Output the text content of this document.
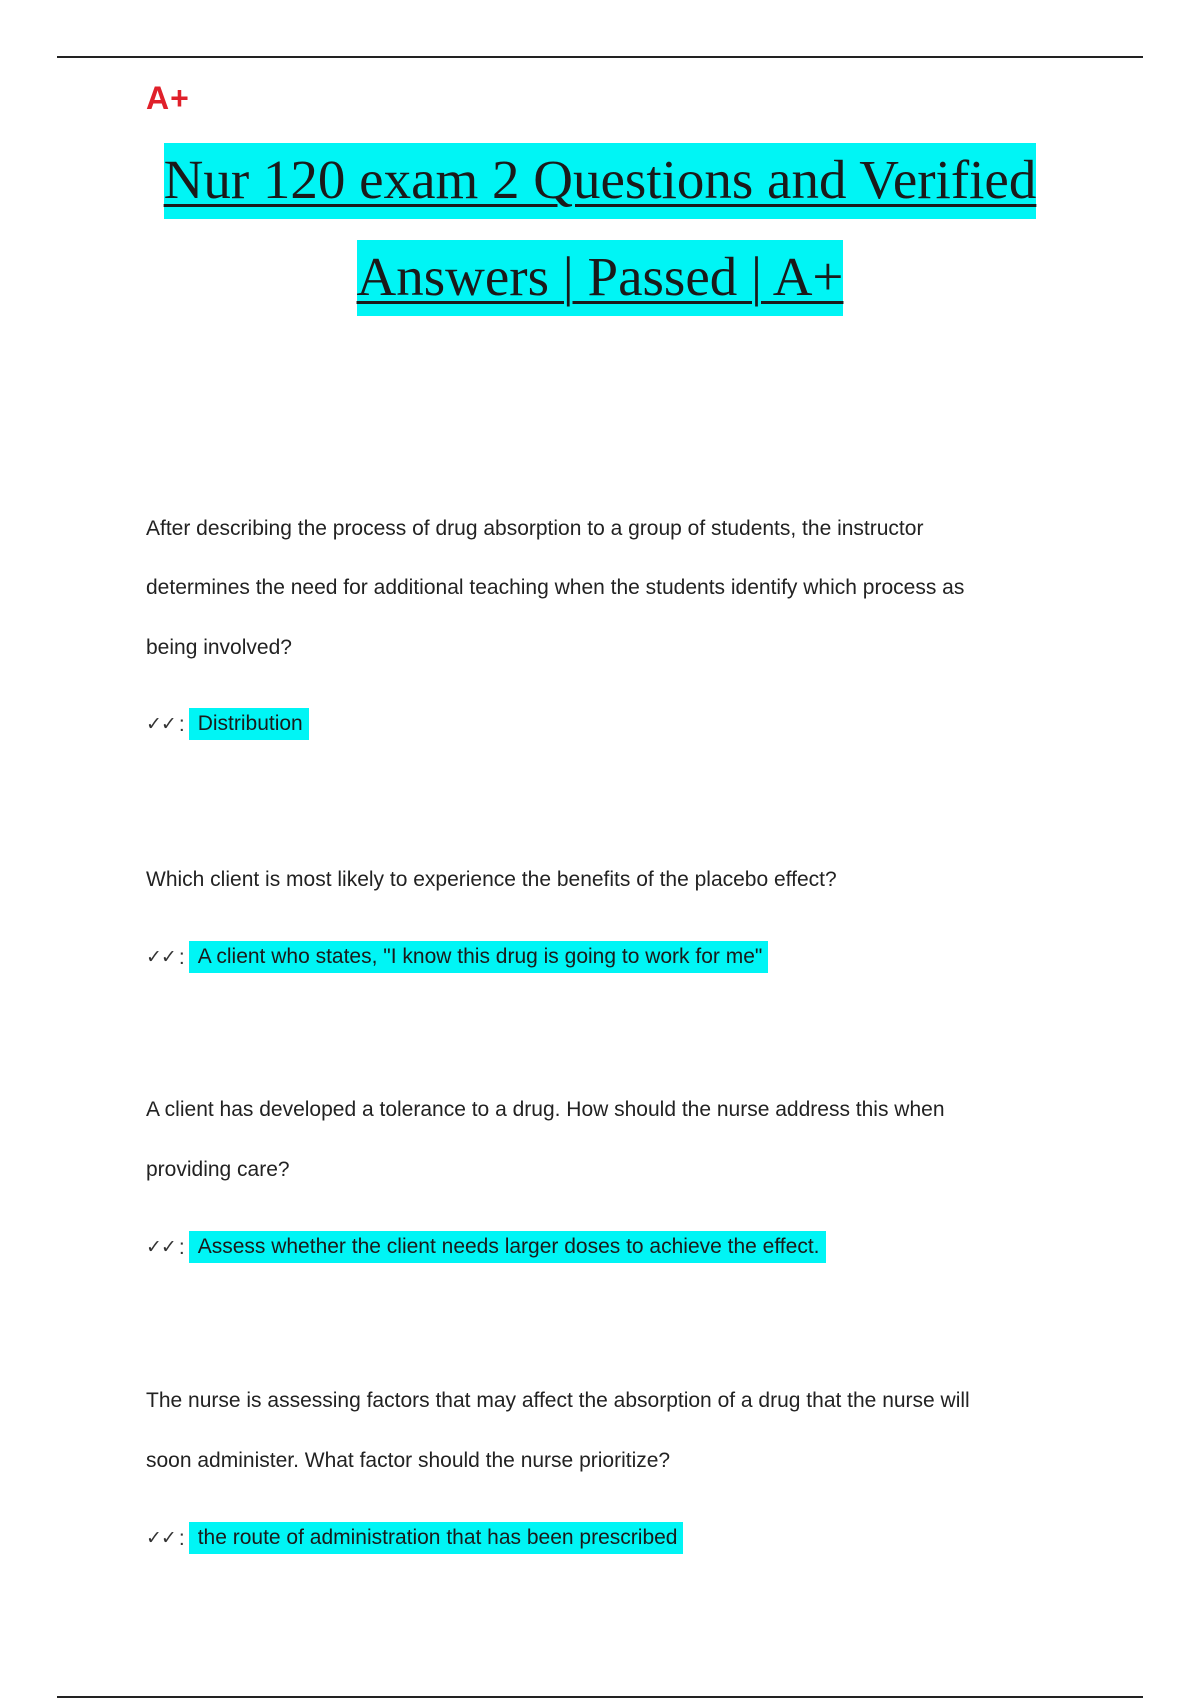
A+
Nur 120 exam 2 Questions and Verified
Answers | Passed | A+
After describing the process of drug absorption to a group of students, the instructor
determines the need for additional teaching when the students identify which process as
being involved?
✓✓ : Distribution
Which client is most likely to experience the benefits of the placebo effect?
✓✓ : A client who states, "I know this drug is going to work for me"
A client has developed a tolerance to a drug. How should the nurse address this when
providing care?
✓✓ : Assess whether the client needs larger doses to achieve the effect.
The nurse is assessing factors that may affect the absorption of a drug that the nurse will
soon administer. What factor should the nurse prioritize?
✓✓ : the route of administration that has been prescribed
